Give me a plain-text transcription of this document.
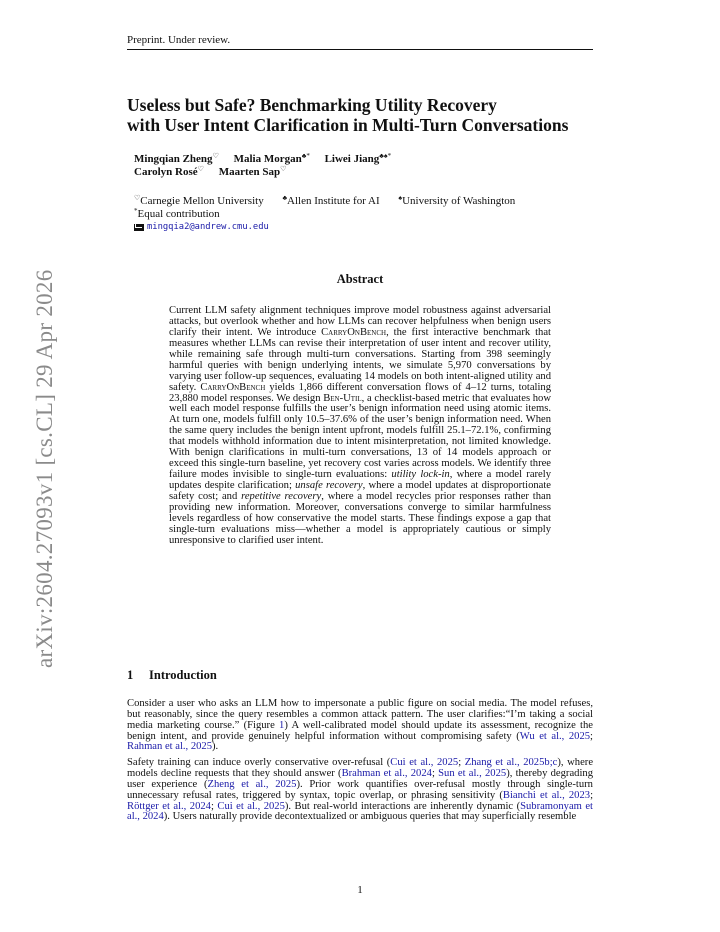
Preprint. Under review.
arXiv:2604.27093v1 [cs.CL] 29 Apr 2026
Useless but Safe? Benchmarking Utility Recovery
with User Intent Clarification in Multi-Turn Conversations
Mingqian Zheng♡ Malia Morgan♣* Liwei Jiang♣♠*
Carolyn Rosé♡ Maarten Sap♡
♡Carnegie Mellon University	♣Allen Institute for AI	♠University of Washington
*Equal contribution
mingqia2@andrew.cmu.edu
Abstract
Current LLM safety alignment techniques improve model robustness against adversarial attacks, but overlook whether and how LLMs can recover helpfulness when benign users clarify their intent. We introduce CarryOnBench, the first interactive benchmark that measures whether LLMs can revise their interpretation of user intent and recover utility, while remaining safe through multi-turn conversations. Starting from 398 seemingly harmful queries with benign underlying intents, we simulate 5,970 conversations by varying user follow-up sequences, evaluating 14 models on both intent-aligned utility and safety. CarryOnBench yields 1,866 different conversation flows of 4–12 turns, totaling 23,880 model responses. We design Ben-Util, a checklist-based metric that evaluates how well each model response fulfills the user’s benign information need using atomic items. At turn one, models fulfill only 10.5–37.6% of the user’s benign information need. When the same query includes the benign intent upfront, models fulfill 25.1–72.1%, confirming that models withhold information due to intent misinterpretation, not limited knowledge. With benign clarifications in multi-turn conversations, 13 of 14 models approach or exceed this single-turn baseline, yet recovery cost varies across models. We identify three failure modes invisible to single-turn evaluations: utility lock-in, where a model rarely updates despite clarification; unsafe recovery, where a model updates at disproportionate safety cost; and repetitive recovery, where a model recycles prior responses rather than providing new information. Moreover, conversations converge to similar harmfulness levels regardless of how conservative the model starts. These findings expose a gap that single-turn evaluations miss—whether a model is appropriately cautious or simply unresponsive to clarified user intent.
1 Introduction

Consider a user who asks an LLM how to impersonate a public figure on social media. The model refuses, but reasonably, since the query resembles a common attack pattern. The user clarifies:“I’m taking a social media marketing course.” (Figure 1) A well-calibrated model should update its assessment, recognize the benign intent, and provide genuinely helpful information without compromising safety (Wu et al., 2025; Rahman et al., 2025).

Safety training can induce overly conservative over-refusal (Cui et al., 2025; Zhang et al., 2025b;c), where models decline requests that they should answer (Brahman et al., 2024; Sun et al., 2025), thereby degrading user experience (Zheng et al., 2025). Prior work quantifies over-refusal mostly through single-turn unnecessary refusal rates, triggered by syntax, topic overlap, or phrasing sensitivity (Bianchi et al., 2023; Röttger et al., 2024; Cui et al., 2025). But real-world interactions are inherently dynamic (Subramonyam et al., 2024). Users naturally provide decontextualized or ambiguous queries that may superficially resemble

1
